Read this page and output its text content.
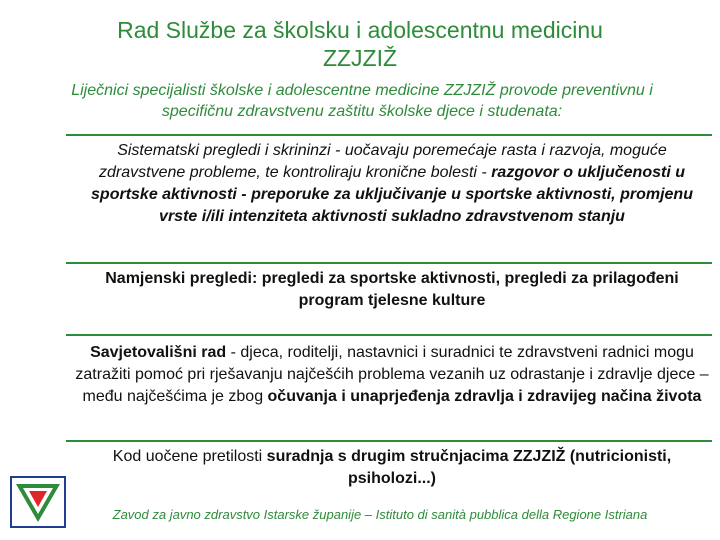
Rad Službe za školsku i adolescentnu medicinu
ZZJZIŽ
Liječnici specijalisti školske i adolescentne medicine ZZJZIŽ provode preventivnu i specifičnu zdravstvenu zaštitu školske djece i studenata:
Sistematski pregledi i skrininzi - uočavaju poremećaje rasta i razvoja, moguće zdravstvene probleme, te kontroliraju kronične bolesti - razgovor o uključenosti u sportske aktivnosti - preporuke za uključivanje u sportske aktivnosti, promjenu vrste i/ili intenziteta aktivnosti sukladno zdravstvenom stanju
Namjenski pregledi: pregledi za sportske aktivnosti, pregledi za prilagođeni program tjelesne kulture
Savjetovališni rad - djeca, roditelji, nastavnici i suradnici te zdravstveni radnici mogu zatražiti pomoć pri rješavanju najčešćih problema vezanih uz odrastanje i zdravlje djece – među najčešćima je zbog očuvanja i unaprjeđenja zdravlja i zdravijeg načina života
Kod uočene pretilosti suradnja s drugim stručnjacima ZZJZIŽ (nutricionisti, psiholozi...)
Zavod za javno zdravstvo Istarske županije – Istituto di sanità pubblica della Regione Istriana
